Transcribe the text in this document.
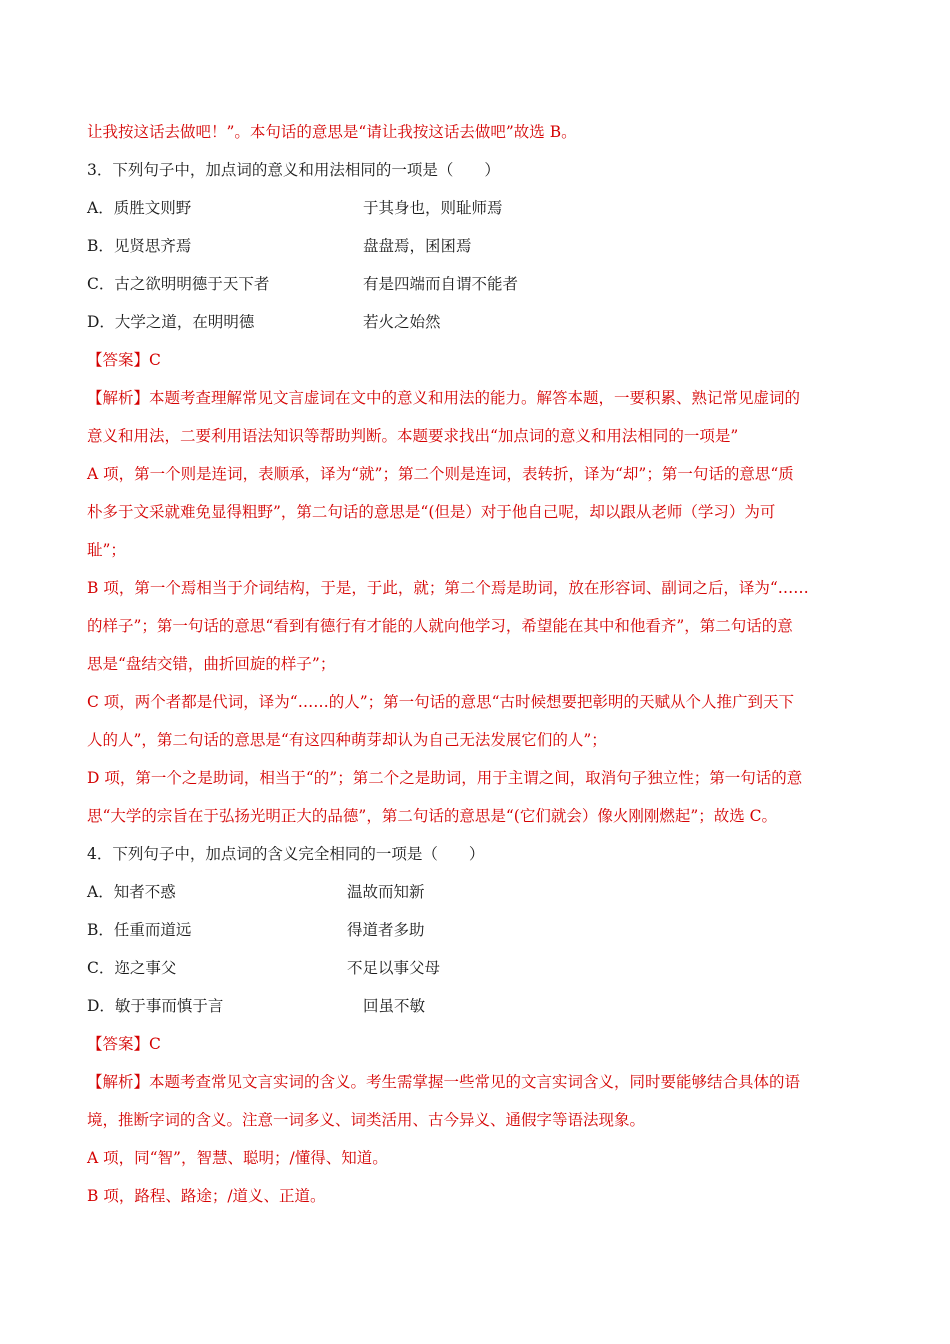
让我按这话去做吧！”。本句话的意思是“请让我按这话去做吧”故选 B。
3．下列句子中，加点词的意义和用法相同的一项是（　　）
A．质胜文则野	于其身也，则耻师焉
B．见贤思齐焉	盘盘焉，囷囷焉
C．古之欲明明德于天下者	有是四端而自谓不能者
D．大学之道，在明明德	若火之始然
【答案】C
【解析】本题考查理解常见文言虚词在文中的意义和用法的能力。解答本题，一要积累、熟记常见虚词的
意义和用法，二要利用语法知识等帮助判断。本题要求找出“加点词的意义和用法相同的一项是”
A 项，第一个则是连词，表顺承，译为“就”；第二个则是连词，表转折，译为“却”；第一句话的意思“质
朴多于文采就难免显得粗野”，第二句话的意思是“(但是）对于他自己呢，却以跟从老师（学习）为可
耻”；
B 项，第一个焉相当于介词结构，于是，于此，就；第二个焉是助词，放在形容词、副词之后，译为“……
的样子”；第一句话的意思“看到有德行有才能的人就向他学习，希望能在其中和他看齐”，第二句话的意
思是“盘结交错，曲折回旋的样子”；
C 项，两个者都是代词，译为“……的人”；第一句话的意思“古时候想要把彰明的天赋从个人推广到天下
人的人”，第二句话的意思是“有这四种萌芽却认为自己无法发展它们的人”；
D 项，第一个之是助词，相当于“的”；第二个之是助词，用于主谓之间，取消句子独立性；第一句话的意
思“大学的宗旨在于弘扬光明正大的品德”，第二句话的意思是“(它们就会）像火刚刚燃起”；故选 C。
4．下列句子中，加点词的含义完全相同的一项是（　　）
A．知者不惑	温故而知新
B．任重而道远	得道者多助
C．迩之事父	不足以事父母
D．敏于事而慎于言	回虽不敏
【答案】C
【解析】本题考查常见文言实词的含义。考生需掌握一些常见的文言实词含义，同时要能够结合具体的语
境，推断字词的含义。注意一词多义、词类活用、古今异义、通假字等语法现象。
A 项，同“智”，智慧、聪明；/懂得、知道。
B 项，路程、路途；/道义、正道。
